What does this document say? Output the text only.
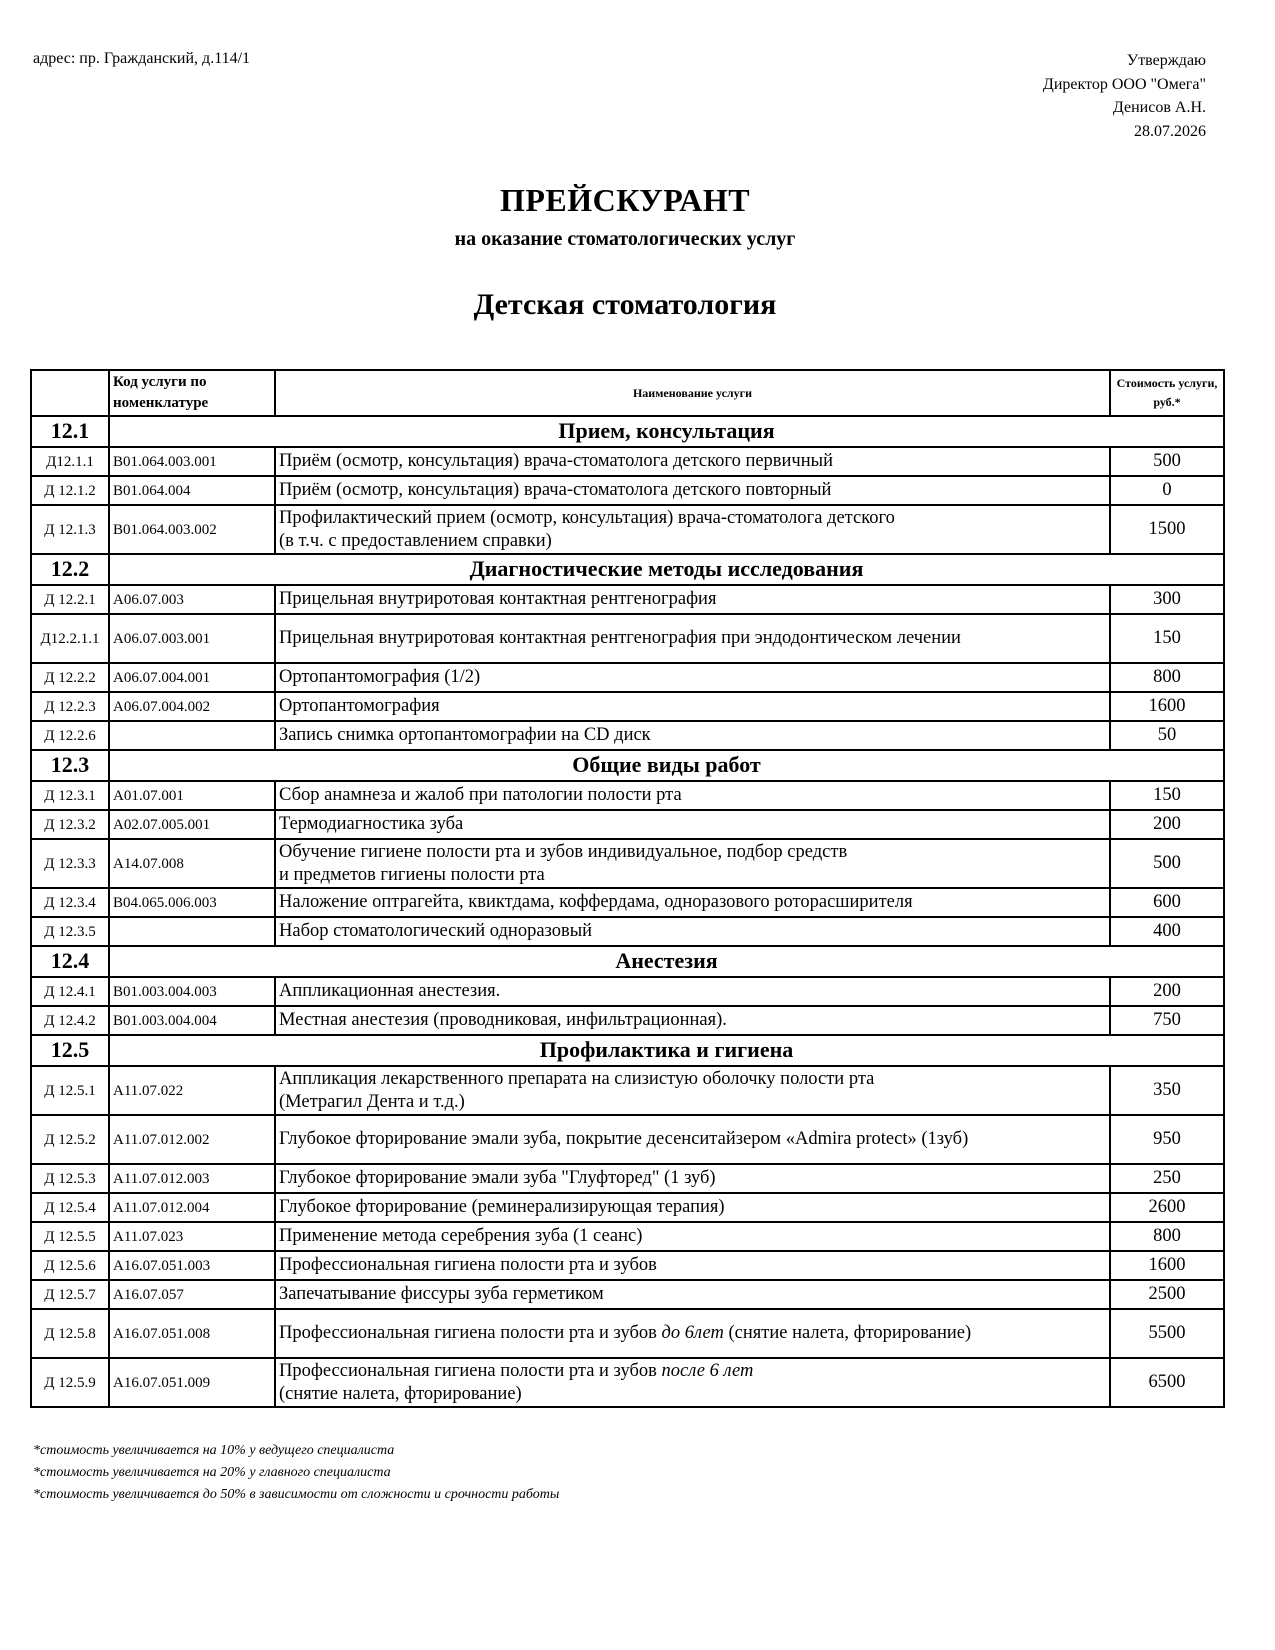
адрес: пр. Гражданский, д.114/1	Утверждаю
Директор ООО "Омега"
Денисов А.Н.
28.07.2026
ПРЕЙСКУРАНТ
на оказание стоматологических услуг
Детская стоматология
	Код услуги по номенклатуре	Наименование услуги	Стоимость услуги, руб.*
12.1	Прием, консультация		
Д12.1.1	B01.064.003.001	Приём (осмотр, консультация) врача-стоматолога детского первичный	500
Д 12.1.2	B01.064.004	Приём (осмотр, консультация) врача-стоматолога детского повторный	0
Д 12.1.3	B01.064.003.002	Профилактический прием (осмотр, консультация) врача-стоматолога детского
(в т.ч. с предоставлением справки)	1500
12.2	Диагностические методы исследования		
Д 12.2.1	A06.07.003	Прицельная внутриротовая контактная рентгенография	300
Д12.2.1.1	A06.07.003.001	Прицельная внутриротовая контактная рентгенография при эндодонтическом лечении	150
Д 12.2.2	A06.07.004.001	Ортопантомография (1/2)	800
Д 12.2.3	A06.07.004.002	Ортопантомография	1600
Д 12.2.6		Запись снимка ортопантомографии на CD диск	50
12.3	Общие виды работ		
Д 12.3.1	A01.07.001	Сбор анамнеза и жалоб при патологии полости рта	150
Д 12.3.2	A02.07.005.001	Термодиагностика зуба	200
Д 12.3.3	A14.07.008	Обучение гигиене полости рта и зубов индивидуальное, подбор средств
и предметов гигиены полости рта	500
Д 12.3.4	B04.065.006.003	Наложение оптрагейта, квиктдама, коффердама, одноразового роторасширителя	600
Д 12.3.5		Набор стоматологический одноразовый	400
12.4	Анестезия		
Д 12.4.1	B01.003.004.003	Аппликационная анестезия.	200
Д 12.4.2	B01.003.004.004	Местная анестезия (проводниковая, инфильтрационная).	750
12.5	Профилактика и гигиена		
Д 12.5.1	A11.07.022	Аппликация лекарственного препарата на слизистую оболочку полости рта
(Метрагил Дента и т.д.)	350
Д 12.5.2	A11.07.012.002	Глубокое фторирование эмали зуба, покрытие десенситайзером «Admira protect» (1зуб)	950
Д 12.5.3	A11.07.012.003	Глубокое фторирование эмали зуба "Глуфторед" (1 зуб)	250
Д 12.5.4	A11.07.012.004	Глубокое фторирование (реминерализирующая терапия)	2600
Д 12.5.5	A11.07.023	Применение метода серебрения зуба (1 сеанс)	800
Д 12.5.6	A16.07.051.003	Профессиональная гигиена полости рта и зубов	1600
Д 12.5.7	A16.07.057	Запечатывание фиссуры зуба герметиком	2500
Д 12.5.8	A16.07.051.008	Профессиональная гигиена полости рта и зубов до 6лет (снятие налета, фторирование)	5500
Д 12.5.9	A16.07.051.009	Профессиональная гигиена полости рта и зубов после 6 лет
(снятие налета, фторирование)	6500
*стоимость увеличивается на 10% у ведущего специалиста
*стоимость увеличивается на 20% у главного специалиста
*стоимость увеличивается до 50% в зависимости от сложности и срочности работы
